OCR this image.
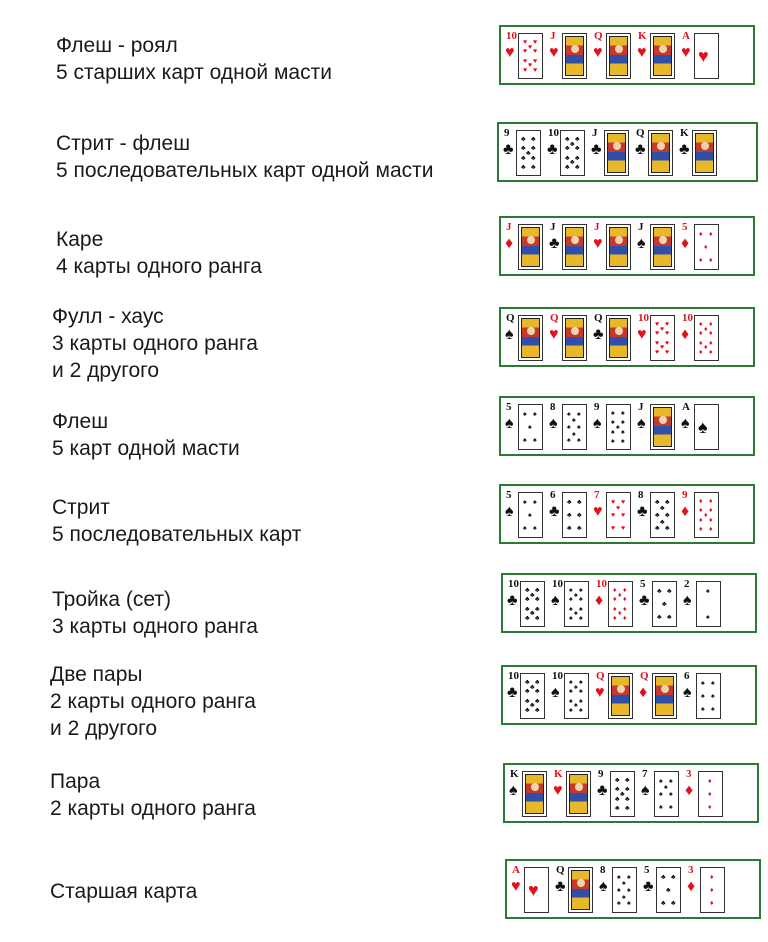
Флеш - роял
5 старших карт одной масти
10
♥
♥ ♥
♥
♥ ♥
♥ ♥
♥
♥ ♥
J
♥
Q
♥
K
♥
A
♥ ♥
Стрит - флеш
5 последовательных карт одной масти
9
♣
♣ ♣
♣ ♣
♣
♣ ♣
♣ ♣
10
♣
♣ ♣
♣
♣ ♣
♣ ♣
♣
♣ ♣
J
♣
Q
♣
K
♣
Каре
4 карты одного ранга
J
♦
J
♣
J
♥
J
♠
5
♦
♦ ♦
♦
♦ ♦
Фулл - хаус
3 карты одного ранга
и 2 другого
Q
♠
Q
♥
Q
♣
10
♥
♥ ♥
♥
♥ ♥
♥ ♥
♥
♥ ♥
10
♦
♦ ♦
♦
♦ ♦
♦ ♦
♦
♦ ♦
Флеш
5 карт одной масти
5
♠
♠ ♠
♠
♠ ♠
8
♠
♠ ♠
♠
♠ ♠
♠
♠ ♠
9
♠
♠ ♠
♠ ♠
♠
♠ ♠
♠ ♠
J
♠
A
♠ ♠
Стрит
5 последовательных карт
5
♠
♠ ♠
♠
♠ ♠
6
♣
♣ ♣
♣ ♣
♣ ♣
7
♥
♥ ♥
♥
♥ ♥
♥ ♥
8
♣
♣ ♣
♣
♣ ♣
♣
♣ ♣
9
♦
♦ ♦
♦ ♦
♦
♦ ♦
♦ ♦
Тройка (сет)
3 карты одного ранга
10
♣
♣ ♣
♣
♣ ♣
♣ ♣
♣
♣ ♣
10
♠
♠ ♠
♠
♠ ♠
♠ ♠
♠
♠ ♠
10
♦
♦ ♦
♦
♦ ♦
♦ ♦
♦
♦ ♦
5
♣
♣ ♣
♣
♣ ♣
2
♠
♠
♠
Две пары
2 карты одного ранга
и 2 другого
10
♣
♣ ♣
♣
♣ ♣
♣ ♣
♣
♣ ♣
10
♠
♠ ♠
♠
♠ ♠
♠ ♠
♠
♠ ♠
Q
♥
Q
♦
6
♠
♠ ♠
♠ ♠
♠ ♠
Пара
2 карты одного ранга
K
♠
K
♥
9
♣
♣ ♣
♣ ♣
♣
♣ ♣
♣ ♣
7
♠
♠ ♠
♠
♠ ♠
♠ ♠
3
♦
♦
♦
♦
Старшая карта
A
♥ ♥
Q
♣
8
♠
♠ ♠
♠
♠ ♠
♠
♠ ♠
5
♣
♣ ♣
♣
♣ ♣
3
♦
♦
♦
♦
